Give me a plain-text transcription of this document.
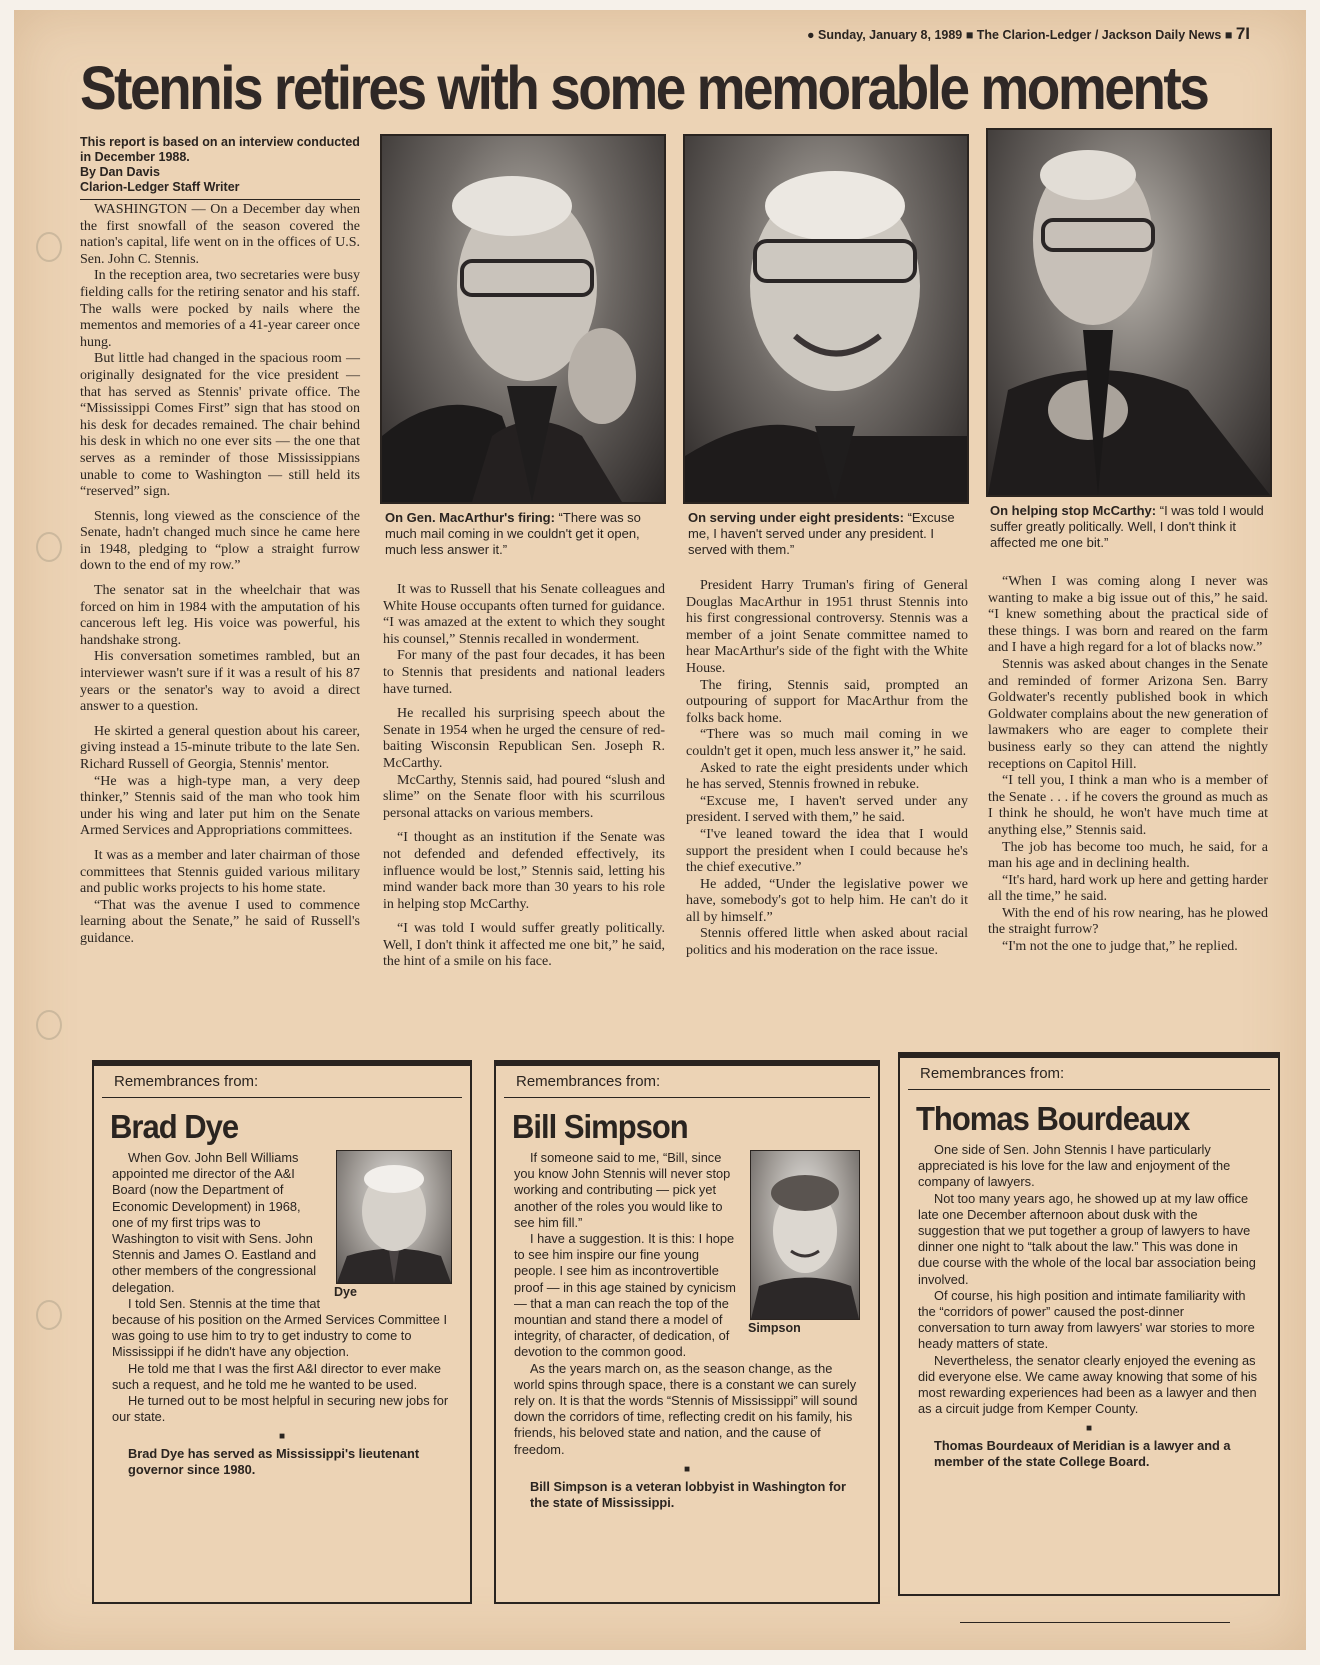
● Sunday, January 8, 1989 ■ The Clarion-Ledger / Jackson Daily News ■ 7I
Stennis retires with some memorable moments
This report is based on an interview conducted in December 1988.
By Dan Davis
Clarion-Ledger Staff Writer

WASHINGTON — On a December day when the first snowfall of the season covered the nation's capital, life went on in the offices of U.S. Sen. John C. Stennis.

In the reception area, two secretaries were busy fielding calls for the retiring senator and his staff. The walls were pocked by nails where the mementos and memories of a 41-year career once hung.

But little had changed in the spacious room — originally designated for the vice president — that has served as Stennis' private office. The “Mississippi Comes First” sign that has stood on his desk for decades remained. The chair behind his desk in which no one ever sits — the one that serves as a reminder of those Mississippians unable to come to Washington — still held its “reserved” sign.

Stennis, long viewed as the conscience of the Senate, hadn't changed much since he came here in 1948, pledging to “plow a straight furrow down to the end of my row.”

The senator sat in the wheelchair that was forced on him in 1984 with the amputation of his cancerous left leg. His voice was powerful, his handshake strong.

His conversation sometimes rambled, but an interviewer wasn't sure if it was a result of his 87 years or the senator's way to avoid a direct answer to a question.

He skirted a general question about his career, giving instead a 15-minute tribute to the late Sen. Richard Russell of Georgia, Stennis' mentor.

“He was a high-type man, a very deep thinker,” Stennis said of the man who took him under his wing and later put him on the Senate Armed Services and Appropriations committees.

It was as a member and later chairman of those committees that Stennis guided various military and public works projects to his home state.

“That was the avenue I used to commence learning about the Senate,” he said of Russell's guidance.

On Gen. MacArthur's firing: “There was so much mail coming in we couldn't get it open, much less answer it.”
On serving under eight presidents: “Excuse me, I haven't served under any president. I served with them.”
On helping stop McCarthy: “I was told I would suffer greatly politically. Well, I don't think it affected me one bit.”

It was to Russell that his Senate colleagues and White House occupants often turned for guidance. “I was amazed at the extent to which they sought his counsel,” Stennis recalled in wonderment.

For many of the past four decades, it has been to Stennis that presidents and national leaders have turned.

He recalled his surprising speech about the Senate in 1954 when he urged the censure of red-baiting Wisconsin Republican Sen. Joseph R. McCarthy.

McCarthy, Stennis said, had poured “slush and slime” on the Senate floor with his scurrilous personal attacks on various members.

“I thought as an institution if the Senate was not defended and defended effectively, its influence would be lost,” Stennis said, letting his mind wander back more than 30 years to his role in helping stop McCarthy.

“I was told I would suffer greatly politically. Well, I don't think it affected me one bit,” he said, the hint of a smile on his face.

President Harry Truman's firing of General Douglas MacArthur in 1951 thrust Stennis into his first congressional controversy. Stennis was a member of a joint Senate committee named to hear MacArthur's side of the fight with the White House.

The firing, Stennis said, prompted an outpouring of support for MacArthur from the folks back home.

“There was so much mail coming in we couldn't get it open, much less answer it,” he said.

Asked to rate the eight presidents under which he has served, Stennis frowned in rebuke.

“Excuse me, I haven't served under any president. I served with them,” he said.

“I've leaned toward the idea that I would support the president when I could because he's the chief executive.”

He added, “Under the legislative power we have, somebody's got to help him. He can't do it all by himself.”

Stennis offered little when asked about racial politics and his moderation on the race issue.

“When I was coming along I never was wanting to make a big issue out of this,” he said. “I knew something about the practical side of these things. I was born and reared on the farm and I have a high regard for a lot of blacks now.”

Stennis was asked about changes in the Senate and reminded of former Arizona Sen. Barry Goldwater's recently published book in which Goldwater complains about the new generation of lawmakers who are eager to complete their business early so they can attend the nightly receptions on Capitol Hill.

“I tell you, I think a man who is a member of the Senate . . . if he covers the ground as much as I think he should, he won't have much time at anything else,” Stennis said.

The job has become too much, he said, for a man his age and in declining health.

“It's hard, hard work up here and getting harder all the time,” he said.

With the end of his row nearing, has he plowed the straight furrow?

“I'm not the one to judge that,” he replied.

Remembrances from:
Brad Dye
Dye

When Gov. John Bell Williams appointed me director of the A&I Board (now the Department of Economic Development) in 1968, one of my first trips was to Washington to visit with Sens. John Stennis and James O. Eastland and other members of the congressional delegation.

I told Sen. Stennis at the time that because of his position on the Armed Services Committee I was going to use him to try to get industry to come to Mississippi if he didn't have any objection.

He told me that I was the first A&I director to ever make such a request, and he told me he wanted to be used.

He turned out to be most helpful in securing new jobs for our state.

■
Brad Dye has served as Mississippi's lieutenant governor since 1980.
Remembrances from:
Bill Simpson
Simpson

If someone said to me, “Bill, since you know John Stennis will never stop working and contributing — pick yet another of the roles you would like to see him fill.”

I have a suggestion. It is this: I hope to see him inspire our fine young people. I see him as incontrovertible proof — in this age stained by cynicism — that a man can reach the top of the mountian and stand there a model of integrity, of character, of dedication, of devotion to the common good.

As the years march on, as the season change, as the world spins through space, there is a constant we can surely rely on. It is that the words “Stennis of Mississippi” will sound down the corridors of time, reflecting credit on his family, his friends, his beloved state and nation, and the cause of freedom.

■
Bill Simpson is a veteran lobbyist in Washington for the state of Mississippi.
Remembrances from:
Thomas Bourdeaux

One side of Sen. John Stennis I have particularly appreciated is his love for the law and enjoyment of the company of lawyers.

Not too many years ago, he showed up at my law office late one December afternoon about dusk with the suggestion that we put together a group of lawyers to have dinner one night to “talk about the law.” This was done in due course with the whole of the local bar association being involved.

Of course, his high position and intimate familiarity with the “corridors of power” caused the post-dinner conversation to turn away from lawyers' war stories to more heady matters of state.

Nevertheless, the senator clearly enjoyed the evening as did everyone else. We came away knowing that some of his most rewarding experiences had been as a lawyer and then as a circuit judge from Kemper County.

■
Thomas Bourdeaux of Meridian is a lawyer and a member of the state College Board.
